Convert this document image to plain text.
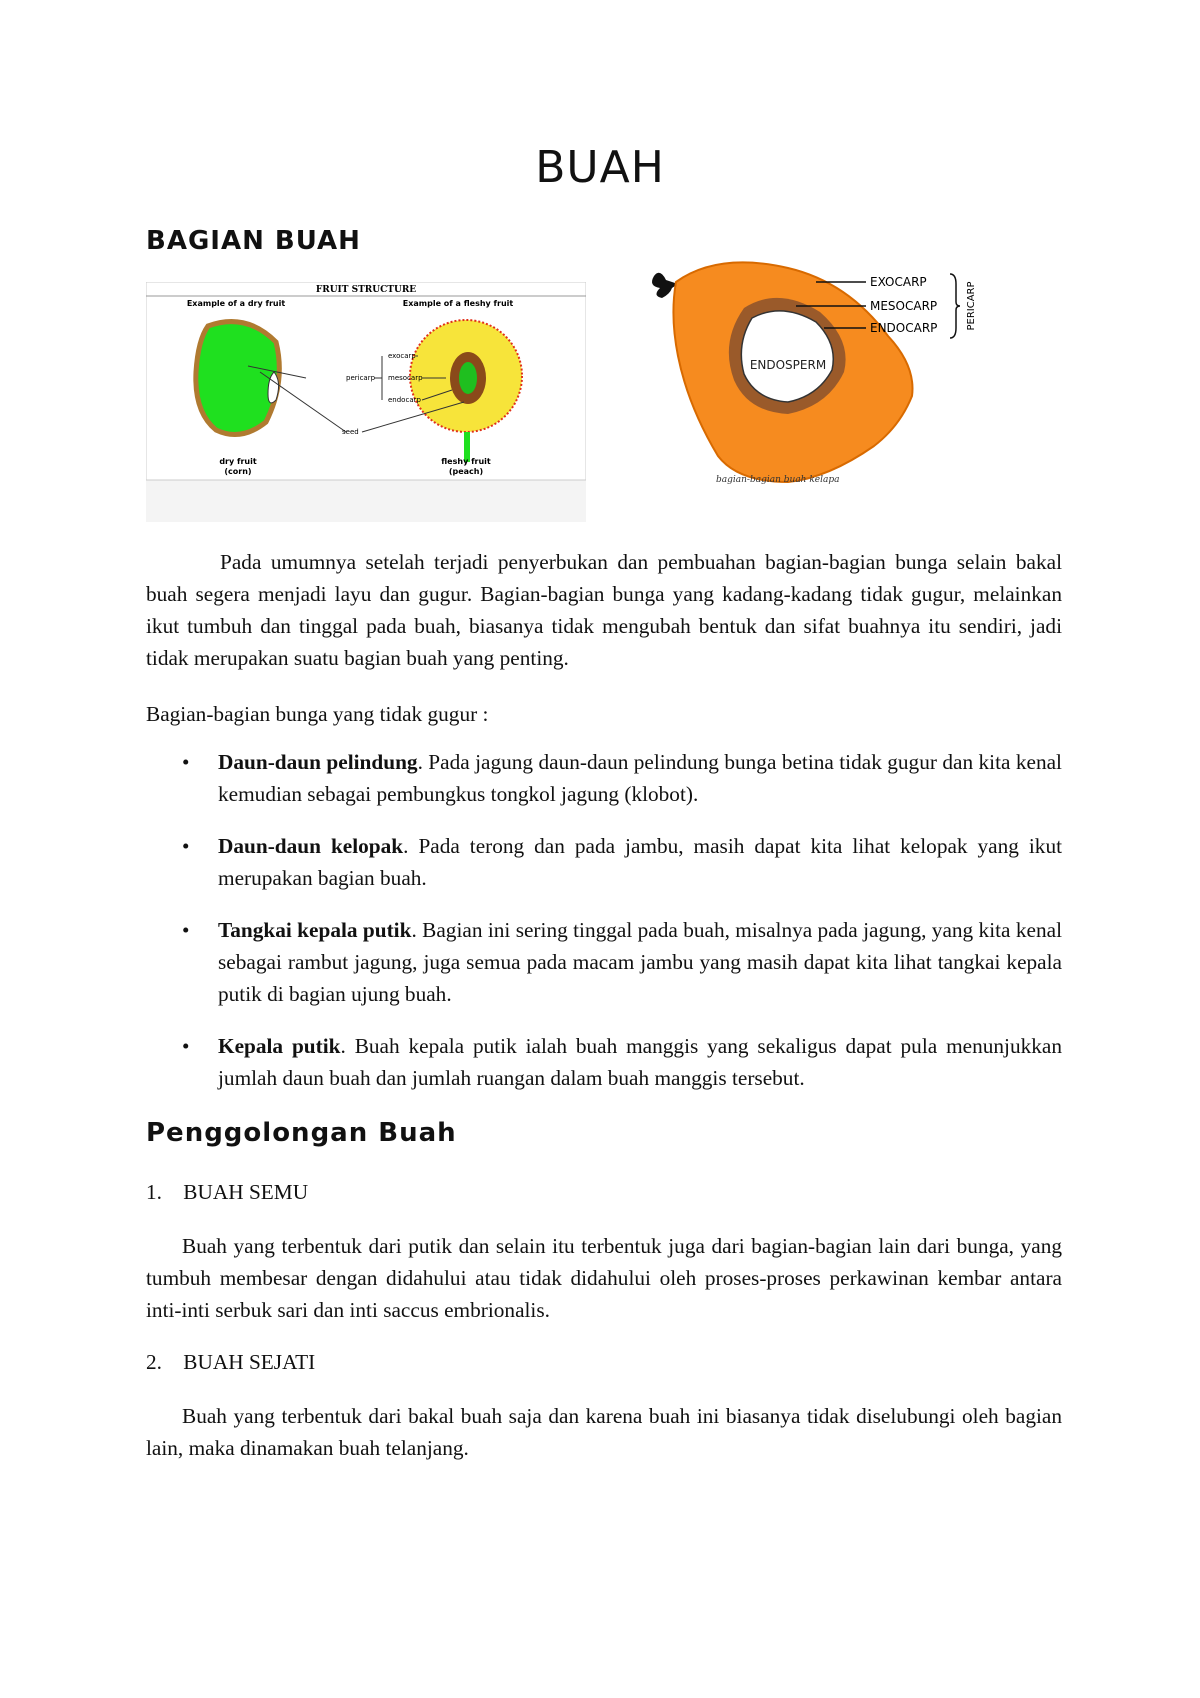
BUAH
BAGIAN BUAH
FRUIT STRUCTURE
Example of a dry fruit	Example of a fleshy fruit
pericarp
exocarp
mesocarp
endocarp
seed
dry fruit
(corn)
fleshy fruit
(peach)
ENDOSPERM
EXOCARP
MESOCARP
ENDOCARP	PERICARP
bagian-bagian buah kelapa

Pada umumnya setelah terjadi penyerbukan dan pembuahan bagian-bagian bunga selain bakal buah segera menjadi layu dan gugur. Bagian-bagian bunga yang kadang-kadang tidak gugur, melainkan ikut tumbuh dan tinggal pada buah, biasanya tidak mengubah bentuk dan sifat buahnya itu sendiri, jadi tidak merupakan suatu bagian buah yang penting.

Bagian-bagian bunga yang tidak gugur :

• Daun-daun pelindung. Pada jagung daun-daun pelindung bunga betina tidak gugur dan kita kenal kemudian sebagai pembungkus tongkol jagung (klobot).
• Daun-daun kelopak. Pada terong dan pada jambu, masih dapat kita lihat kelopak yang ikut merupakan bagian buah.
• Tangkai kepala putik. Bagian ini sering tinggal pada buah, misalnya pada jagung, yang kita kenal sebagai rambut jagung, juga semua pada macam jambu yang masih dapat kita lihat tangkai kepala putik di bagian ujung buah.
• Kepala putik. Buah kepala putik ialah buah manggis yang sekaligus dapat pula menunjukkan jumlah daun buah dan jumlah ruangan dalam buah manggis tersebut.
Penggolongan Buah

1. BUAH SEMU

Buah yang terbentuk dari putik dan selain itu terbentuk juga dari bagian-bagian lain dari bunga, yang tumbuh membesar dengan didahului atau tidak didahului oleh proses-proses perkawinan kembar antara inti-inti serbuk sari dan inti saccus embrionalis.

2. BUAH SEJATI

Buah yang terbentuk dari bakal buah saja dan karena buah ini biasanya tidak diselubungi oleh bagian lain, maka dinamakan buah telanjang.
